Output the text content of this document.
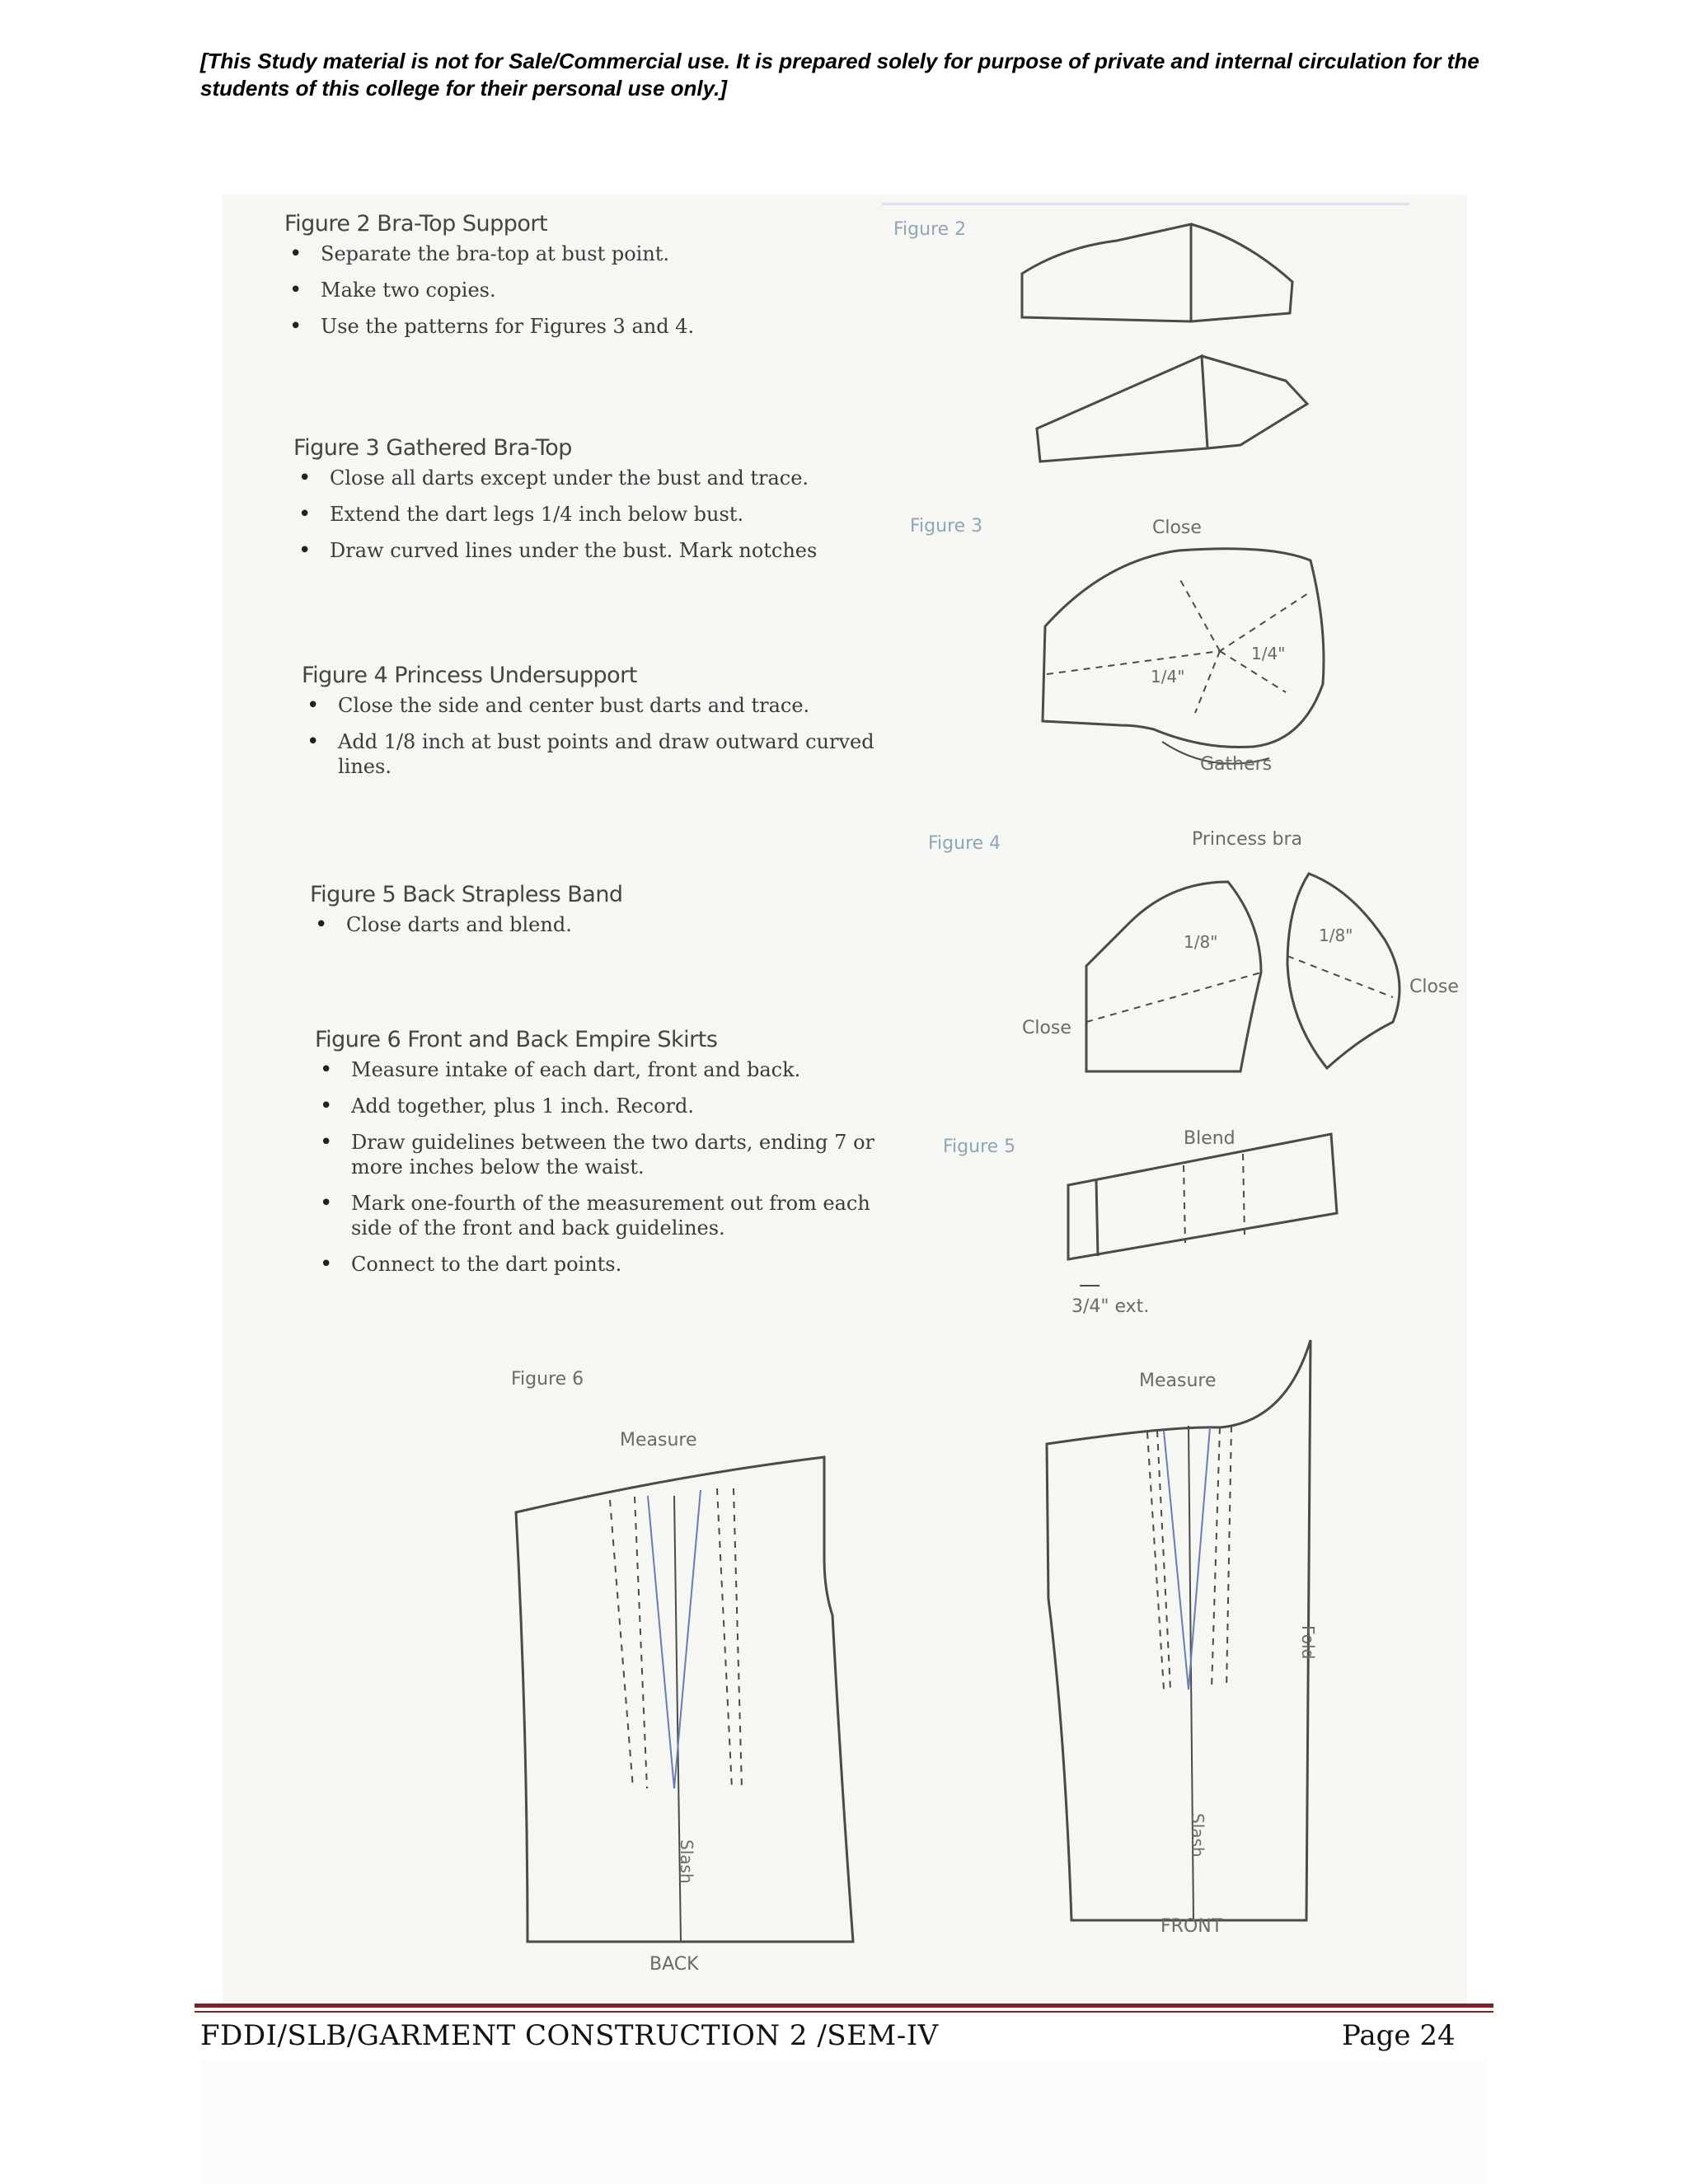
[This Study material is not for Sale/Commercial use. It is prepared solely for purpose of private and internal circulation for the students of this college for their personal use only.]
Figure 2 Bra-Top Support
• Separate the bra-top at bust point.
• Make two copies.
• Use the patterns for Figures 3 and 4.
Figure 3 Gathered Bra-Top
• Close all darts except under the bust and trace.
• Extend the dart legs 1/4 inch below bust.
• Draw curved lines under the bust. Mark notches
Figure 4 Princess Undersupport
• Close the side and center bust darts and trace.
• Add 1/8 inch at bust points and draw outward curved lines.
Figure 5 Back Strapless Band
• Close darts and blend.
Figure 6 Front and Back Empire Skirts
• Measure intake of each dart, front and back.
• Add together, plus 1 inch. Record.
• Draw guidelines between the two darts, ending 7 or more inches below the waist.
• Mark one-fourth of the measurement out from each side of the front and back guidelines.
• Connect to the dart points.
Figure 2
Figure 3	Close
1/4"
1/4"
Gathers
Figure 4	Princess bra
1/8"	1/8"
Close
Close
Figure 5	Blend
3/4" ext.
Figure 6
Measure
Measure
Slash
Slash
Fold
BACK
FRONT
FDDI/SLB/GARMENT CONSTRUCTION 2 /SEM-IV	Page 24
